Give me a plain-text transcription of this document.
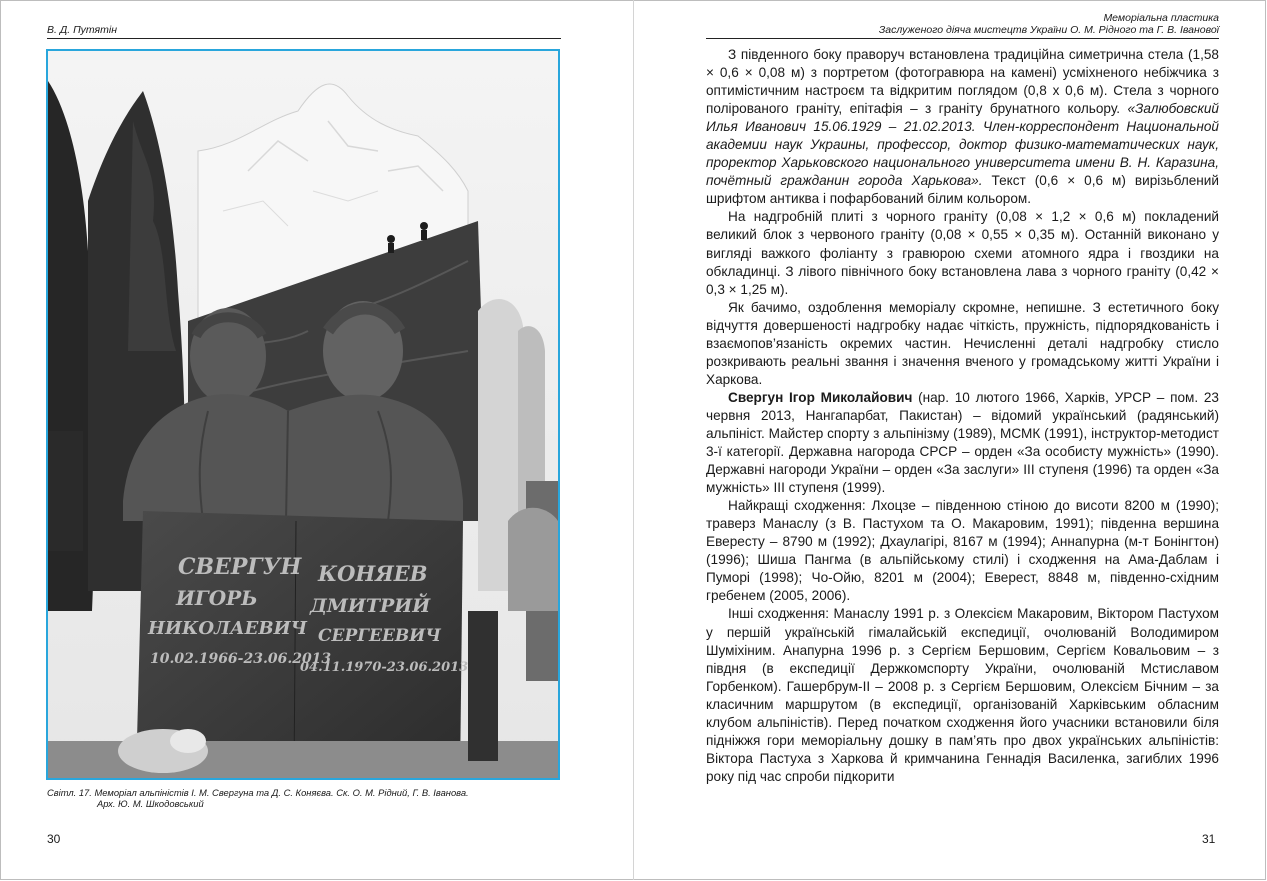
В. Д. Путятін
СВЕРГУН
ИГОРЬ
НИКОЛАЕВИЧ
10.02.1966-23.06.2013
КОНЯЕВ
ДМИТРИЙ
СЕРГЕЕВИЧ
04.11.1970-23.06.2013
Світл. 17. Меморіал альпіністів І. М. Свергуна та Д. С. Коняєва. Ск. О. М. Рідний, Г. В. Іванова.
Арх. Ю. М. Шкодовський
30
Меморіальна пластика
Заслуженого діяча мистецтв України О. М. Рідного та Г. В. Іванової

З південного боку праворуч встановлена традиційна симетрична стела (1,58 × 0,6 × 0,08 м) з портретом (фотогравюра на камені) усміхненого небіжчика з оптимістичним настроєм та відкритим поглядом (0,8 х 0,6 м). Стела з чорного полірованого граніту, епітафія – з граніту брунатного кольору. «Залюбовский Илья Иванович 15.06.1929 – 21.02.2013. Член-корреспондент Национальной академии наук Украины, профессор, доктор физико-математических наук, проректор Харьковского национального университета имени В. Н. Каразина, почётный гражданин города Харькова». Текст (0,6 × 0,6 м) вирізьблений шрифтом антиква і пофарбований білим кольором.

На надгробній плиті з чорного граніту (0,08 × 1,2 × 0,6 м) покладений великий блок з червоного граніту (0,08 × 0,55 × 0,35 м). Останній виконано у вигляді важкого фоліанту з гравюрою схеми атомного ядра і гвоздики на обкладинці. З лівого північного боку встановлена лава з чорного граніту (0,42 × 0,3 × 1,25 м).

Як бачимо, оздоблення меморіалу скромне, непишне. З естетичного боку відчуття довершеності надгробку надає чіткість, пружність, підпорядкованість і взаємопов’язаність окремих частин. Нечисленні деталі надгробку стисло розкривають реальні звання і значення вченого у громадському житті України і Харкова.

Свергун Ігор Миколайович (нар. 10 лютого 1966, Харків, УРСР – пом. 23 червня 2013, Нангапарбат, Пакистан) – відомий український (радянський) альпініст. Майстер спорту з альпінізму (1989), МСМК (1991), інструктор-методист 3-ї категорії. Державна нагорода СРСР – орден «За особисту мужність» (1990). Державні нагороди України – орден «За заслуги» III ступеня (1996) та орден «За мужність» III ступеня (1999).

Найкращі сходження: Лхоцзе – південною стіною до висоти 8200 м (1990); траверз Манаслу (з В. Пастухом та О. Макаровим, 1991); південна вершина Евересту – 8790 м (1992); Дхаулагірі, 8167 м (1994); Аннапурна (м-т Бонінгтон) (1996); Шиша Пангма (в альпійському стилі) і сходження на Ама-Даблам і Пуморі (1998); Чо-Ойю, 8201 м (2004); Еверест, 8848 м, південно-східним гребенем (2005, 2006).

Інші сходження: Манаслу 1991 р. з Олексієм Макаровим, Віктором Пастухом у першій українській гімалайській експедиції, очолюваній Володимиром Шуміхіним. Анапурна 1996 р. з Сергієм Бершовим, Сергієм Ковальовим – з півдня (в експедиції Держкомспорту України, очолюваній Мстиславом Горбенком). Гашербрум-II – 2008 р. з Сергієм Бершовим, Олексієм Бічним – за класичним маршрутом (в експедиції, організованій Харківським обласним клубом альпіністів). Перед початком сходження його учасники встановили біля підніжжя гори меморіальну дошку в пам’ять про двох українських альпіністів: Віктора Пастуха з Харкова й кримчанина Геннадія Василенка, загиблих 1996 року під час спроби підкорити

31
